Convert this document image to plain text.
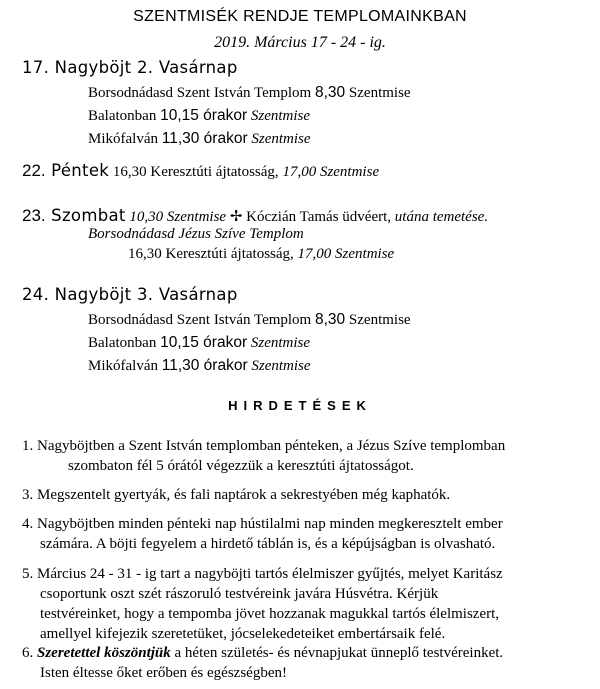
SZENTMISÉK RENDJE TEMPLOMAINKBAN
2019. Március 17 - 24 - ig.
17. Nagyböjt 2. Vasárnap
Borsodnádasd Szent István Templom 8,30 Szentmise
Balatonban 10,15 órakor Szentmise
Mikófalván 11,30 órakor Szentmise
22. Péntek 16,30 Keresztúti ájtatosság, 17,00 Szentmise
23. Szombat 10,30 Szentmise ✢ Kóczián Tamás üdvéert, utána temetése.
Borsodnádasd Jézus Szíve Templom
16,30 Keresztúti ájtatosság, 17,00 Szentmise
24. Nagyböjt 3. Vasárnap
Borsodnádasd Szent István Templom 8,30 Szentmise
Balatonban 10,15 órakor Szentmise
Mikófalván 11,30 órakor Szentmise
HIRDETÉSEK
1. Nagyböjtben a Szent István templomban pénteken, a Jézus Szíve templomban
szombaton fél 5 órától végezzük a keresztúti ájtatosságot.
3. Megszentelt gyertyák, és fali naptárok a sekrestyében még kaphatók.
4. Nagyböjtben minden pénteki nap hústilalmi nap minden megkeresztelt ember
számára. A böjti fegyelem a hirdető táblán is, és a képújságban is olvasható.
5. Március 24 - 31 - ig tart a nagyböjti tartós élelmiszer gyűjtés, melyet Karitász
csoportunk oszt szét rászoruló testvéreink javára Húsvétra. Kérjük
testvéreinket, hogy a tempomba jövet hozzanak magukkal tartós élelmiszert,
amellyel kifejezik szeretetüket, jócselekedeteiket embertársaik felé.
6. Szeretettel köszöntjük a héten születés- és névnapjukat ünneplő testvéreinket.
Isten éltesse őket erőben és egészségben!
